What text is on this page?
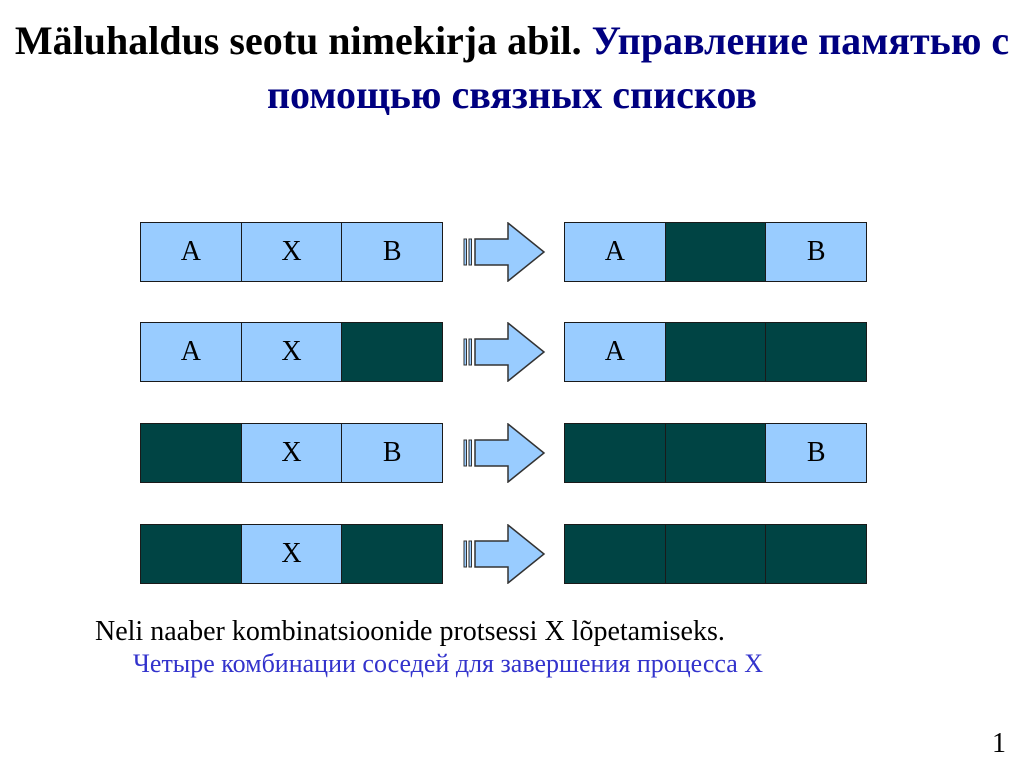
Mäluhaldus seotu nimekirja abil. Управление памятью с помощью связных списков
A	X	B	A	B
A	X	A
X	B	B
X
Neli naaber kombinatsioonide protsessi X lõpetamiseks.
Четыре комбинации соседей для завершения процесса X
1
